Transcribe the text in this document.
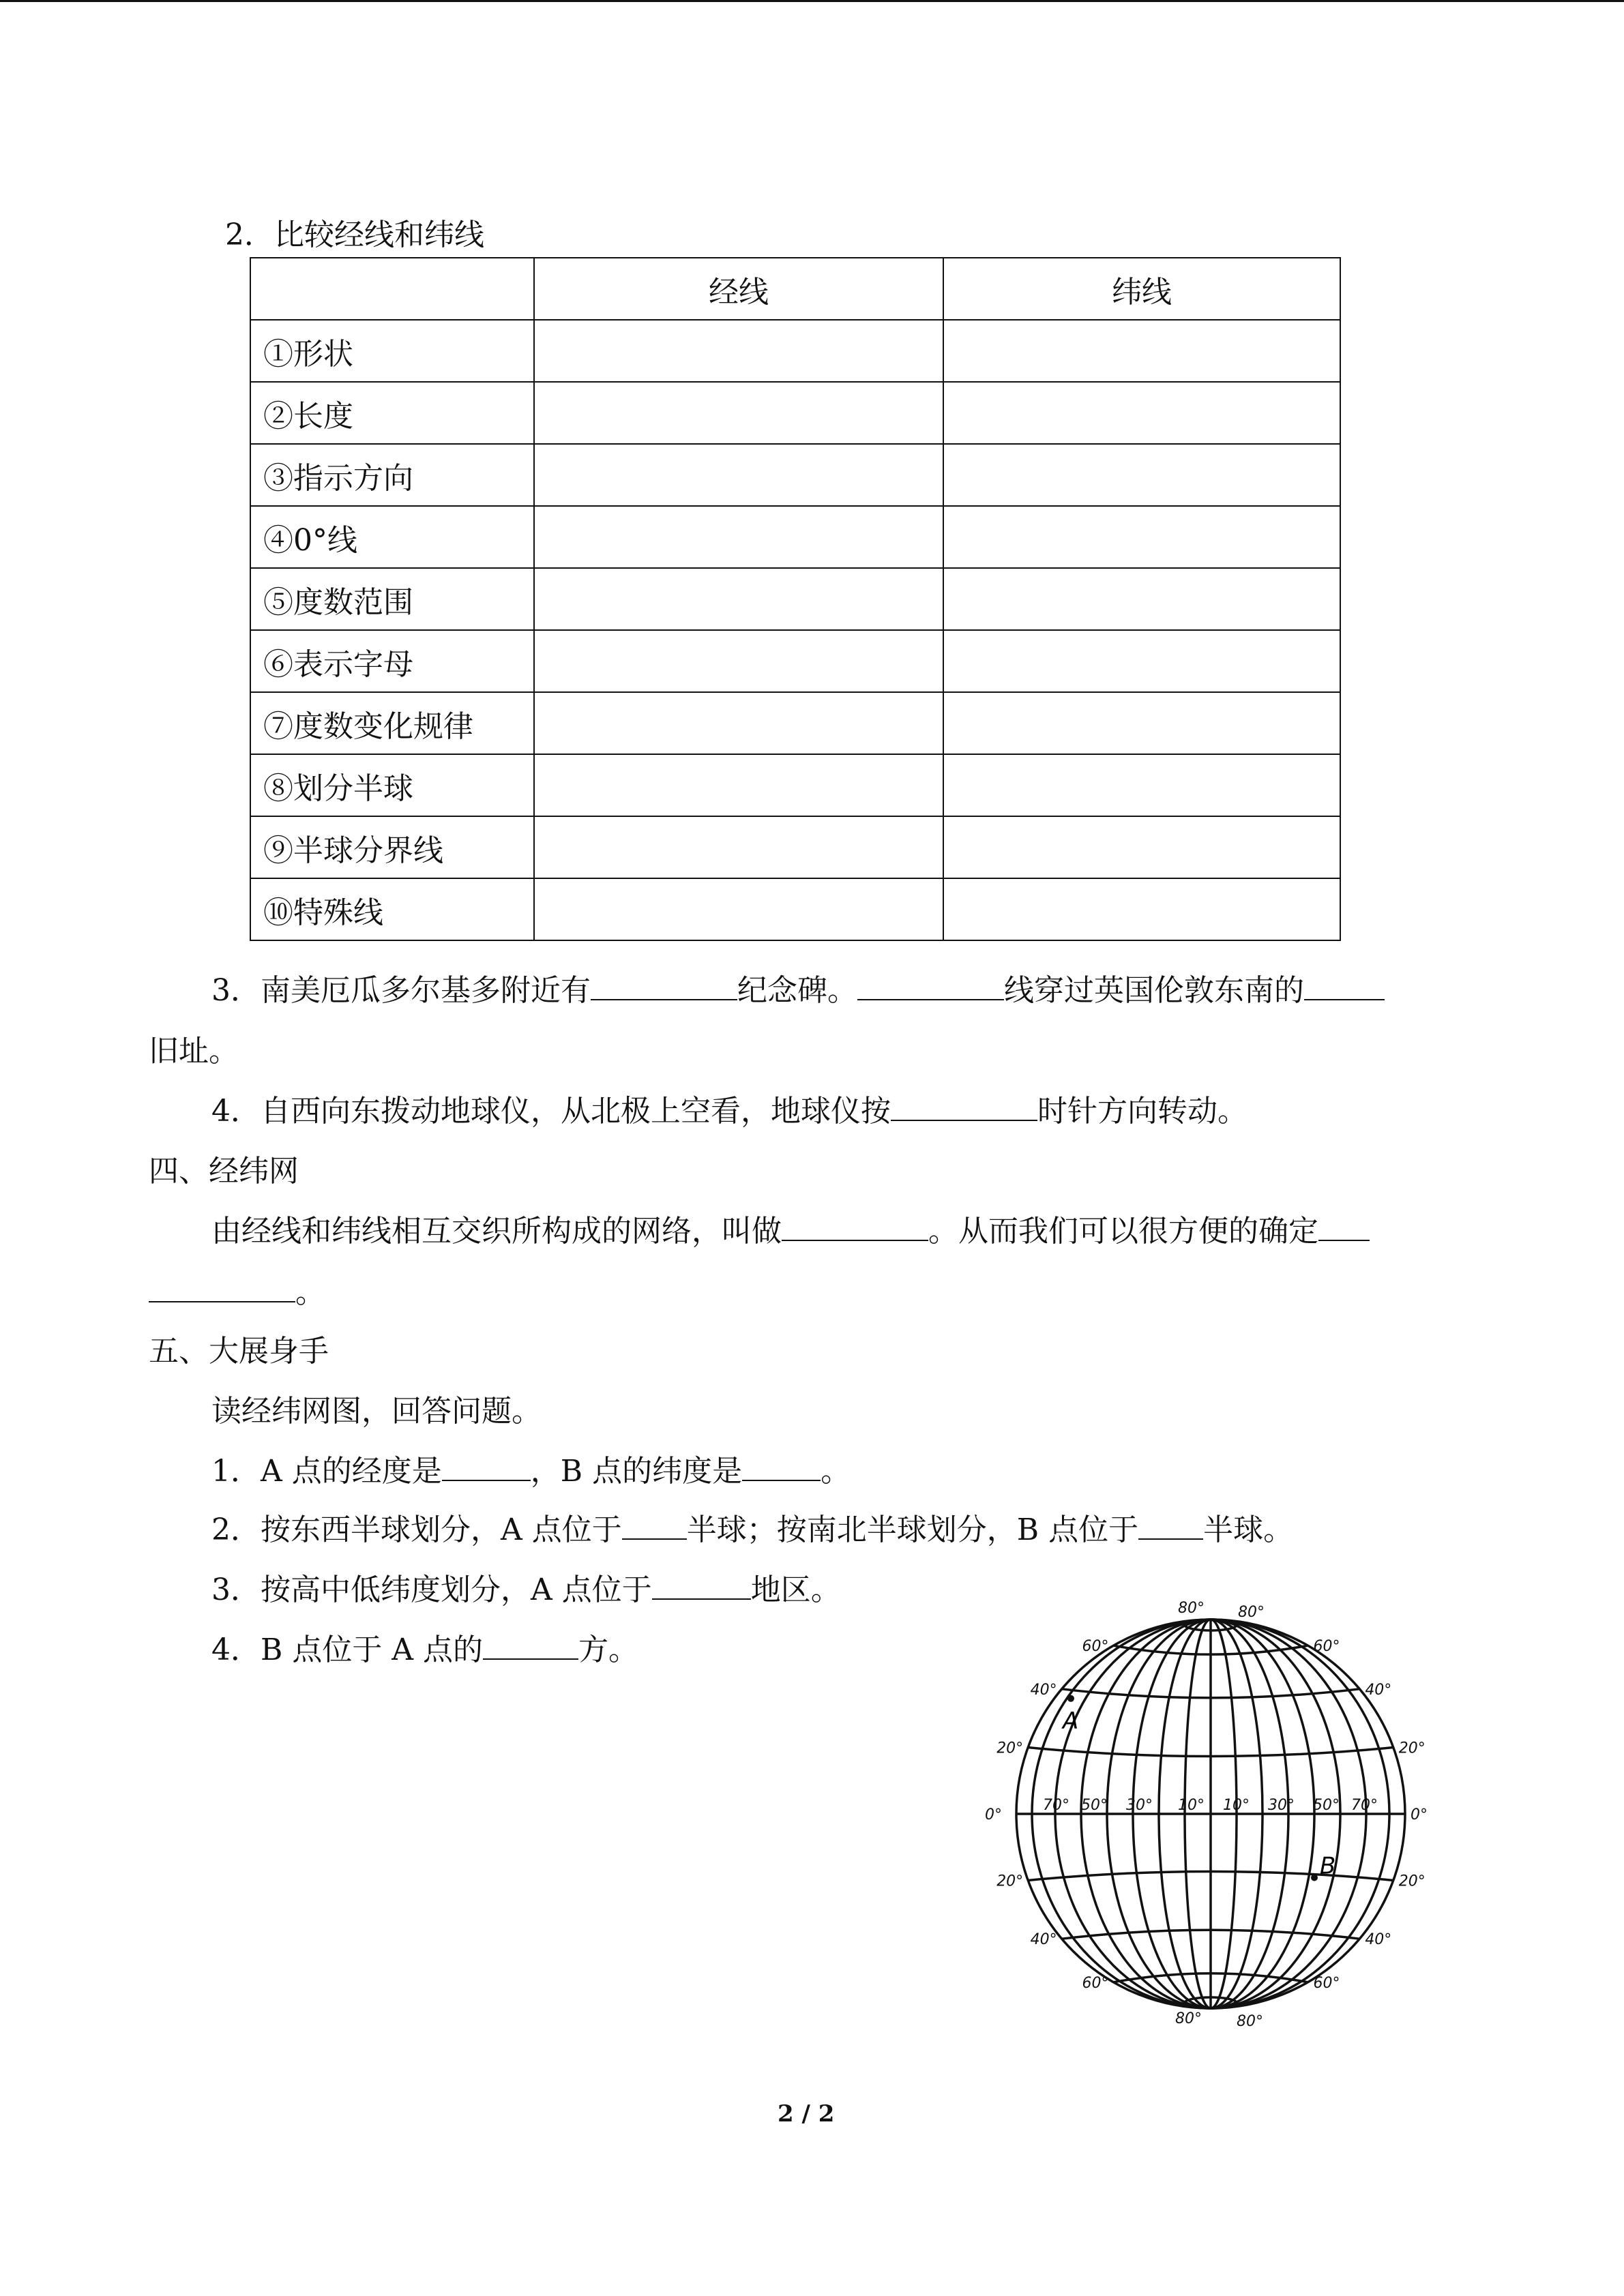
2．比较经线和纬线
	经线	纬线
①形状		
②长度		
③指示方向		
④0°线		
⑤度数范围		
⑥表示字母		
⑦度数变化规律		
⑧划分半球		
⑨半球分界线		
⑩特殊线		
3．南美厄瓜多尔基多附近有	纪念碑。	线穿过英国伦敦东南的
旧址。
4．自西向东拨动地球仪，从北极上空看，地球仪按	时针方向转动。
四、经纬网
由经线和纬线相互交织所构成的网络，叫做	。从而我们可以很方便的确定
。
五、大展身手
读经纬网图，回答问题。
1．A 点的经度是	，B 点的纬度是	。
2．按东西半球划分，A 点位于 半球；按南北半球划分，B 点位于 半球。
3．按高中低纬度划分，A 点位于	地区。
4．B 点位于 A 点的	方。	60°	60°
40°	40°
20°	20°
0°	0°
20°	20°
40°	40°
60°	60°
80° 80°
80° 80°
70° 50° 30° 10° 10° 30° 50° 70°
A
B
2 / 2
